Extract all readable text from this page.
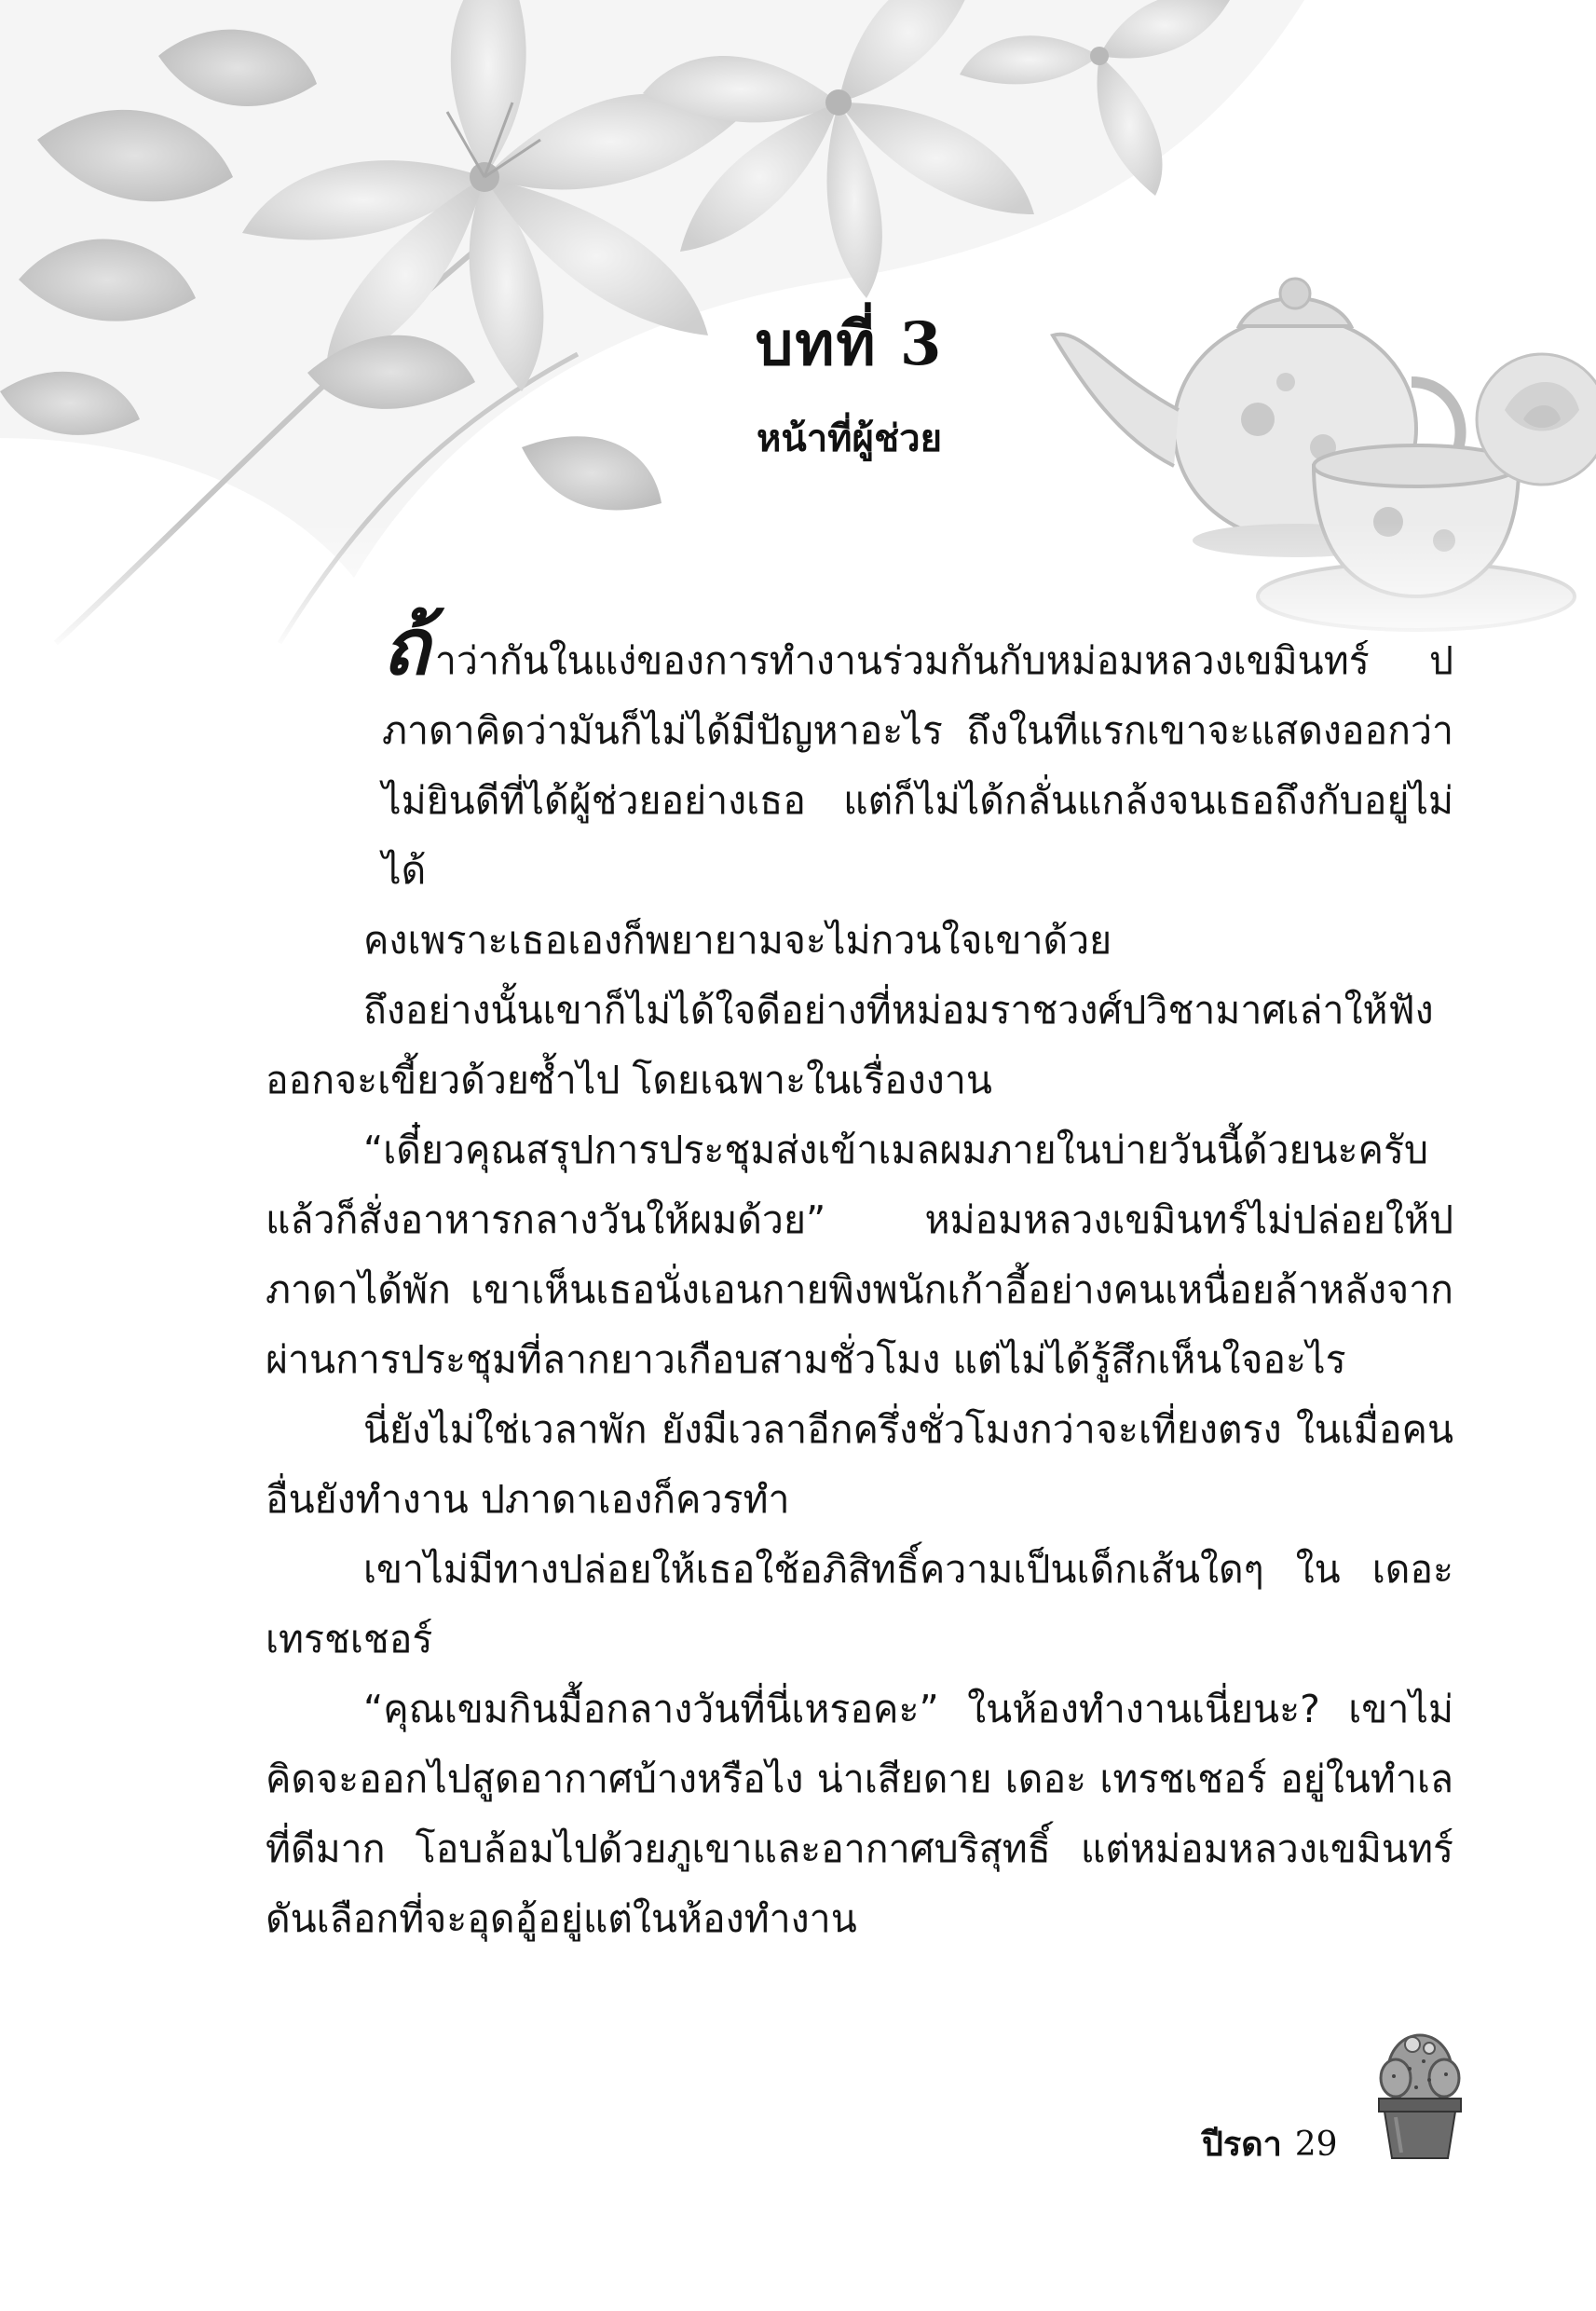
บทที่ 3
หน้าที่ผู้ช่วย

ถ้าว่ากันในแง่ของการทำงานร่วมกันกับหม่อมหลวงเขมินทร์ ปภาดาคิดว่ามันก็ไม่ได้มีปัญหาอะไร ถึงในทีแรกเขาจะแสดงออกว่าไม่ยินดีที่ได้ผู้ช่วยอย่างเธอ แต่ก็ไม่ได้กลั่นแกล้งจนเธอถึงกับอยู่ไม่ได้

คงเพราะเธอเองก็พยายามจะไม่กวนใจเขาด้วย

ถึงอย่างนั้นเขาก็ไม่ได้ใจดีอย่างที่หม่อมราชวงศ์ปวิชามาศเล่าให้ฟัง ออกจะเขี้ยวด้วยซ้ำไป โดยเฉพาะในเรื่องงาน

“เดี๋ยวคุณสรุปการประชุมส่งเข้าเมลผมภายในบ่ายวันนี้ด้วยนะครับ แล้วก็สั่งอาหารกลางวันให้ผมด้วย” หม่อมหลวงเขมินทร์ไม่ปล่อยให้ปภาดาได้พัก เขาเห็นเธอนั่งเอนกายพิงพนักเก้าอี้อย่างคนเหนื่อยล้าหลังจากผ่านการประชุมที่ลากยาวเกือบสามชั่วโมง แต่ไม่ได้รู้สึกเห็นใจอะไร

นี่ยังไม่ใช่เวลาพัก ยังมีเวลาอีกครึ่งชั่วโมงกว่าจะเที่ยงตรง ในเมื่อคนอื่นยังทำงาน ปภาดาเองก็ควรทำ

เขาไม่มีทางปล่อยให้เธอใช้อภิสิทธิ์ความเป็นเด็กเส้นใดๆ ใน เดอะ เทรชเชอร์

“คุณเขมกินมื้อกลางวันที่นี่เหรอคะ” ในห้องทำงานเนี่ยนะ? เขาไม่คิดจะออกไปสูดอากาศบ้างหรือไง น่าเสียดาย เดอะ เทรชเชอร์ อยู่ในทำเลที่ดีมาก โอบล้อมไปด้วยภูเขาและอากาศบริสุทธิ์ แต่หม่อมหลวงเขมินทร์ดันเลือกที่จะอุดอู้อยู่แต่ในห้องทำงาน

ปีรดา 29
